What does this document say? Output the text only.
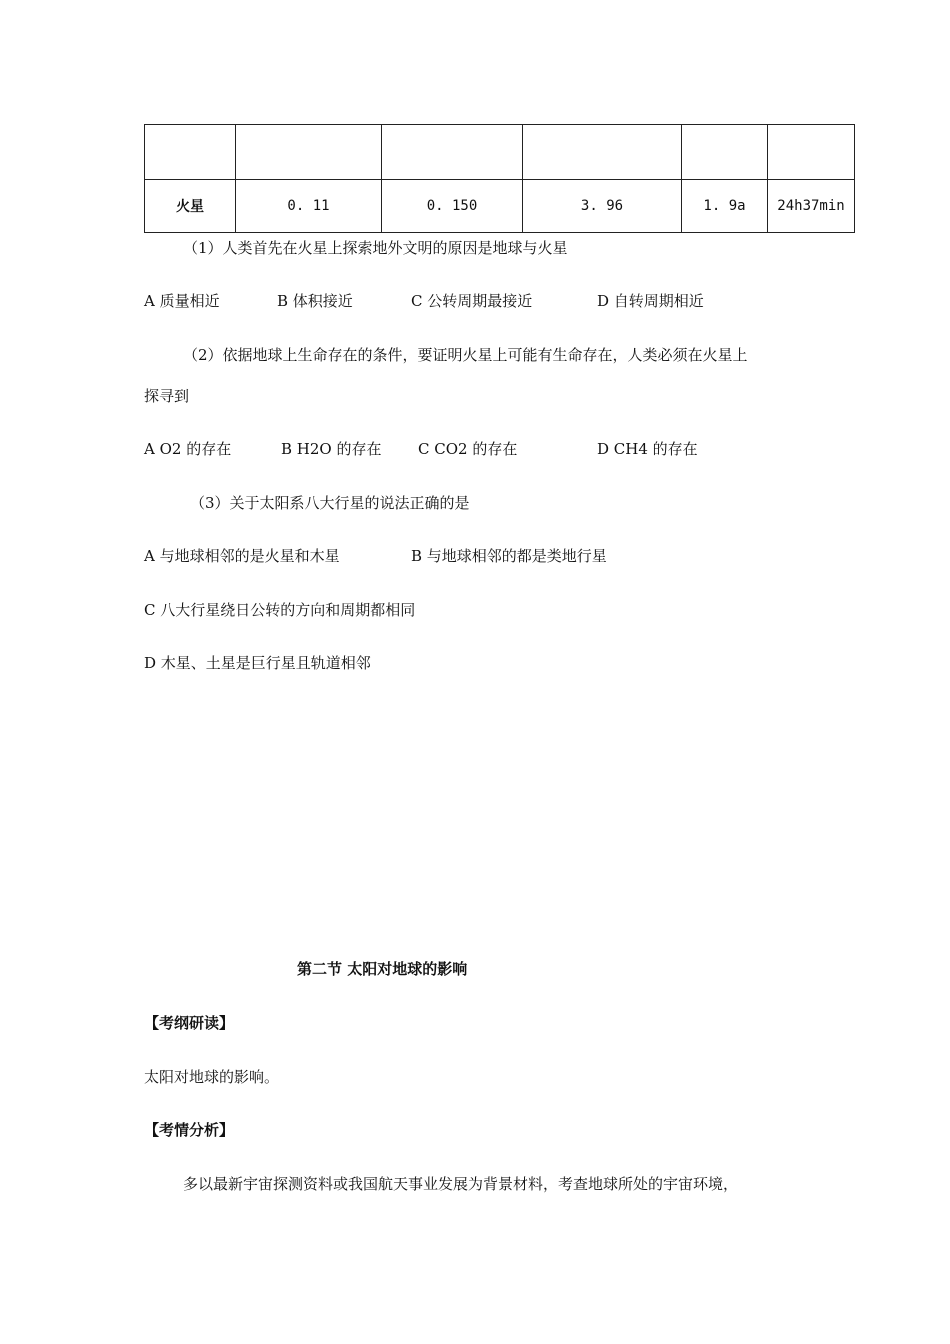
火星	0. 11	0. 150	3. 96	1. 9a	24h37min
（1）人类首先在火星上探索地外文明的原因是地球与火星
A 质量相近	B 体积接近	C 公转周期最接近	D 自转周期相近
（2）依据地球上生命存在的条件，要证明火星上可能有生命存在，人类必须在火星上
探寻到
A O2 的存在	B H2O 的存在 C CO2 的存在	D CH4 的存在
（3）关于太阳系八大行星的说法正确的是
A 与地球相邻的是火星和木星	B 与地球相邻的都是类地行星
C 八大行星绕日公转的方向和周期都相同
D 木星、土星是巨行星且轨道相邻
第二节 太阳对地球的影响
【考纲研读】
太阳对地球的影响。
【考情分析】
多以最新宇宙探测资料或我国航天事业发展为背景材料，考查地球所处的宇宙环境，
